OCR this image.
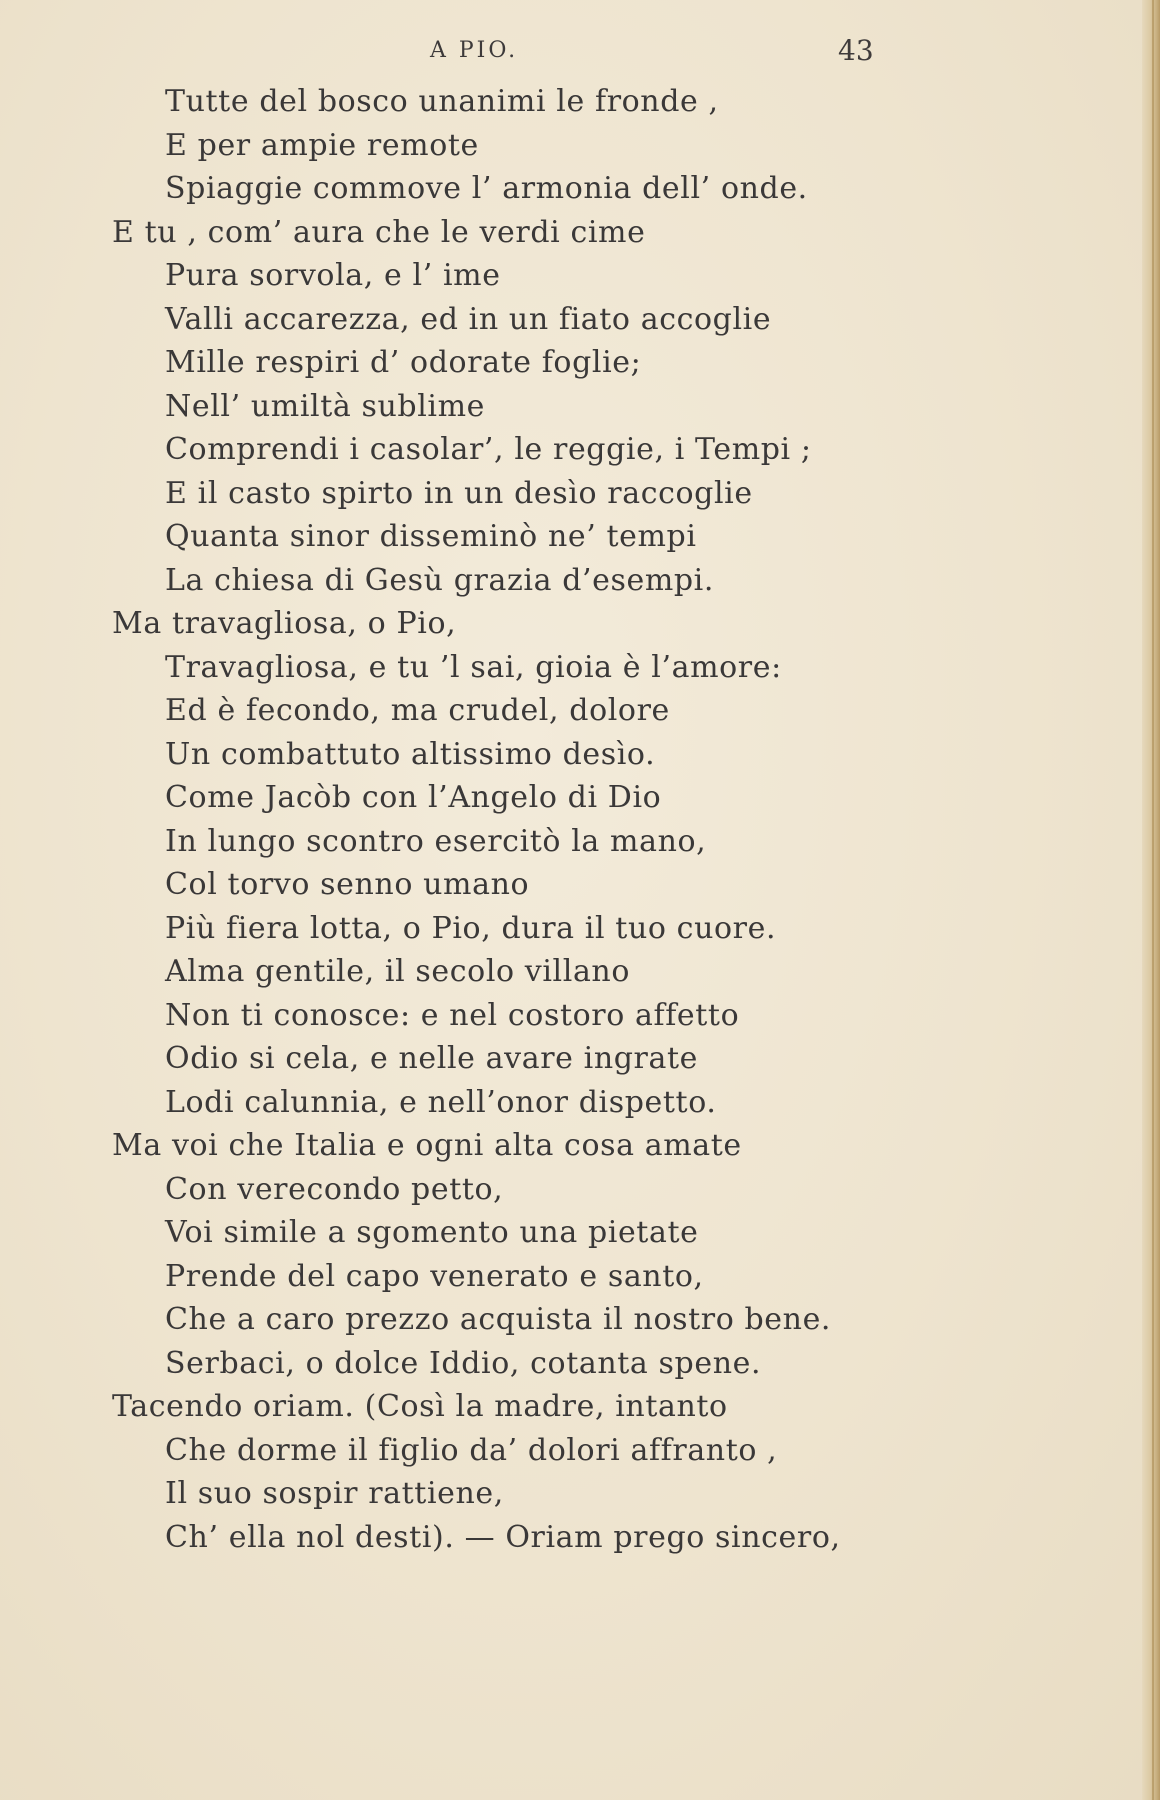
A PIO.	43
Tutte del bosco unanimi le fronde ,
E per ampie remote
Spiaggie commove l’ armonia dell’ onde.
E tu , com’ aura che le verdi cime
Pura sorvola, e l’ ime
Valli accarezza, ed in un fiato accoglie
Mille respiri d’ odorate foglie;
Nell’ umiltà sublime
Comprendi i casolar’, le reggie, i Tempi ;
E il casto spirto in un desìo raccoglie
Quanta sinor disseminò ne’ tempi
La chiesa di Gesù grazia d’esempi.
Ma travagliosa, o Pio,
Travagliosa, e tu ’l sai, gioia è l’amore:
Ed è fecondo, ma crudel, dolore
Un combattuto altissimo desìo.
Come Jacòb con l’Angelo di Dio
In lungo scontro esercitò la mano,
Col torvo senno umano
Più fiera lotta, o Pio, dura il tuo cuore.
Alma gentile, il secolo villano
Non ti conosce: e nel costoro affetto
Odio si cela, e nelle avare ingrate
Lodi calunnia, e nell’onor dispetto.
Ma voi che Italia e ogni alta cosa amate
Con verecondo petto,
Voi simile a sgomento una pietate
Prende del capo venerato e santo,
Che a caro prezzo acquista il nostro bene.
Serbaci, o dolce Iddio, cotanta spene.
Tacendo oriam. (Così la madre, intanto
Che dorme il figlio da’ dolori affranto ,
Il suo sospir rattiene,
Ch’ ella nol desti). — Oriam prego sincero,
